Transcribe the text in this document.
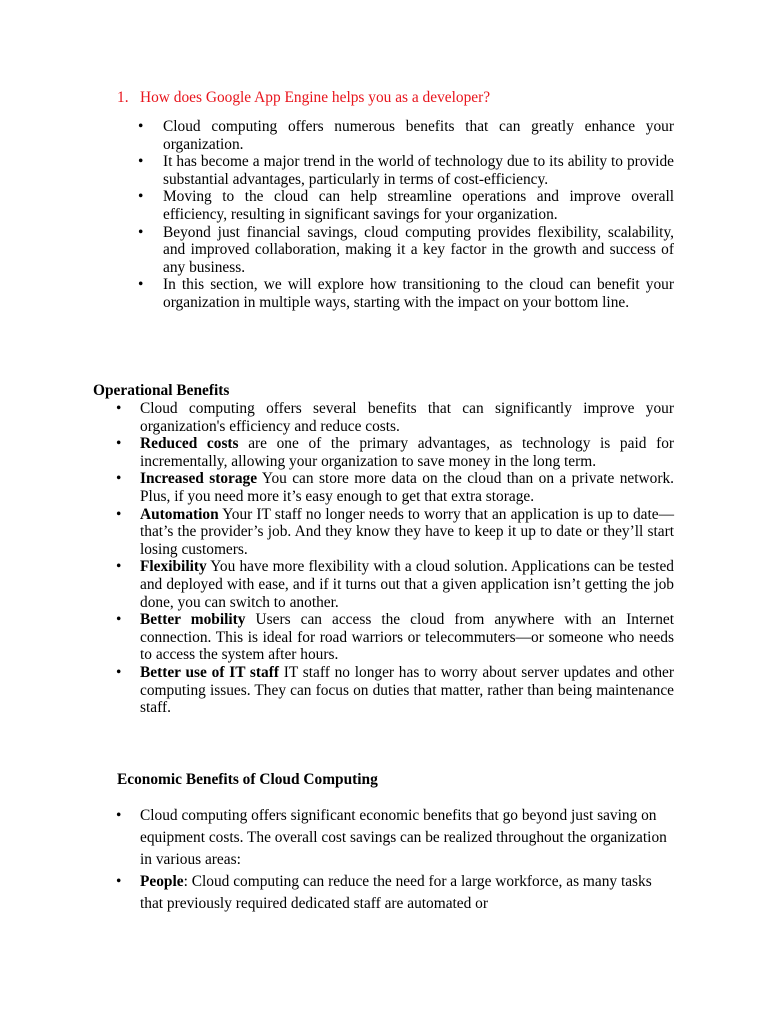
1. How does Google App Engine helps you as a developer?

• Cloud computing offers numerous benefits that can greatly enhance your organization.
• It has become a major trend in the world of technology due to its ability to provide substantial advantages, particularly in terms of cost-efficiency.
• Moving to the cloud can help streamline operations and improve overall efficiency, resulting in significant savings for your organization.
• Beyond just financial savings, cloud computing provides flexibility, scalability, and improved collaboration, making it a key factor in the growth and success of any business.
• In this section, we will explore how transitioning to the cloud can benefit your organization in multiple ways, starting with the impact on your bottom line.

Operational Benefits

• Cloud computing offers several benefits that can significantly improve your organization's efficiency and reduce costs.
• Reduced costs are one of the primary advantages, as technology is paid for incrementally, allowing your organization to save money in the long term.
• Increased storage You can store more data on the cloud than on a private network. Plus, if you need more it’s easy enough to get that extra storage.
• Automation Your IT staff no longer needs to worry that an application is up to date—that’s the provider’s job. And they know they have to keep it up to date or they’ll start losing customers.
• Flexibility You have more flexibility with a cloud solution. Applications can be tested and deployed with ease, and if it turns out that a given application isn’t getting the job done, you can switch to another.
• Better mobility Users can access the cloud from anywhere with an Internet connection. This is ideal for road warriors or telecommuters—or someone who needs to access the system after hours.
• Better use of IT staff IT staff no longer has to worry about server updates and other computing issues. They can focus on duties that matter, rather than being maintenance staff.

Economic Benefits of Cloud Computing

• Cloud computing offers significant economic benefits that go beyond just saving on equipment costs. The overall cost savings can be realized throughout the organization in various areas:
• People: Cloud computing can reduce the need for a large workforce, as many tasks that previously required dedicated staff are automated or
